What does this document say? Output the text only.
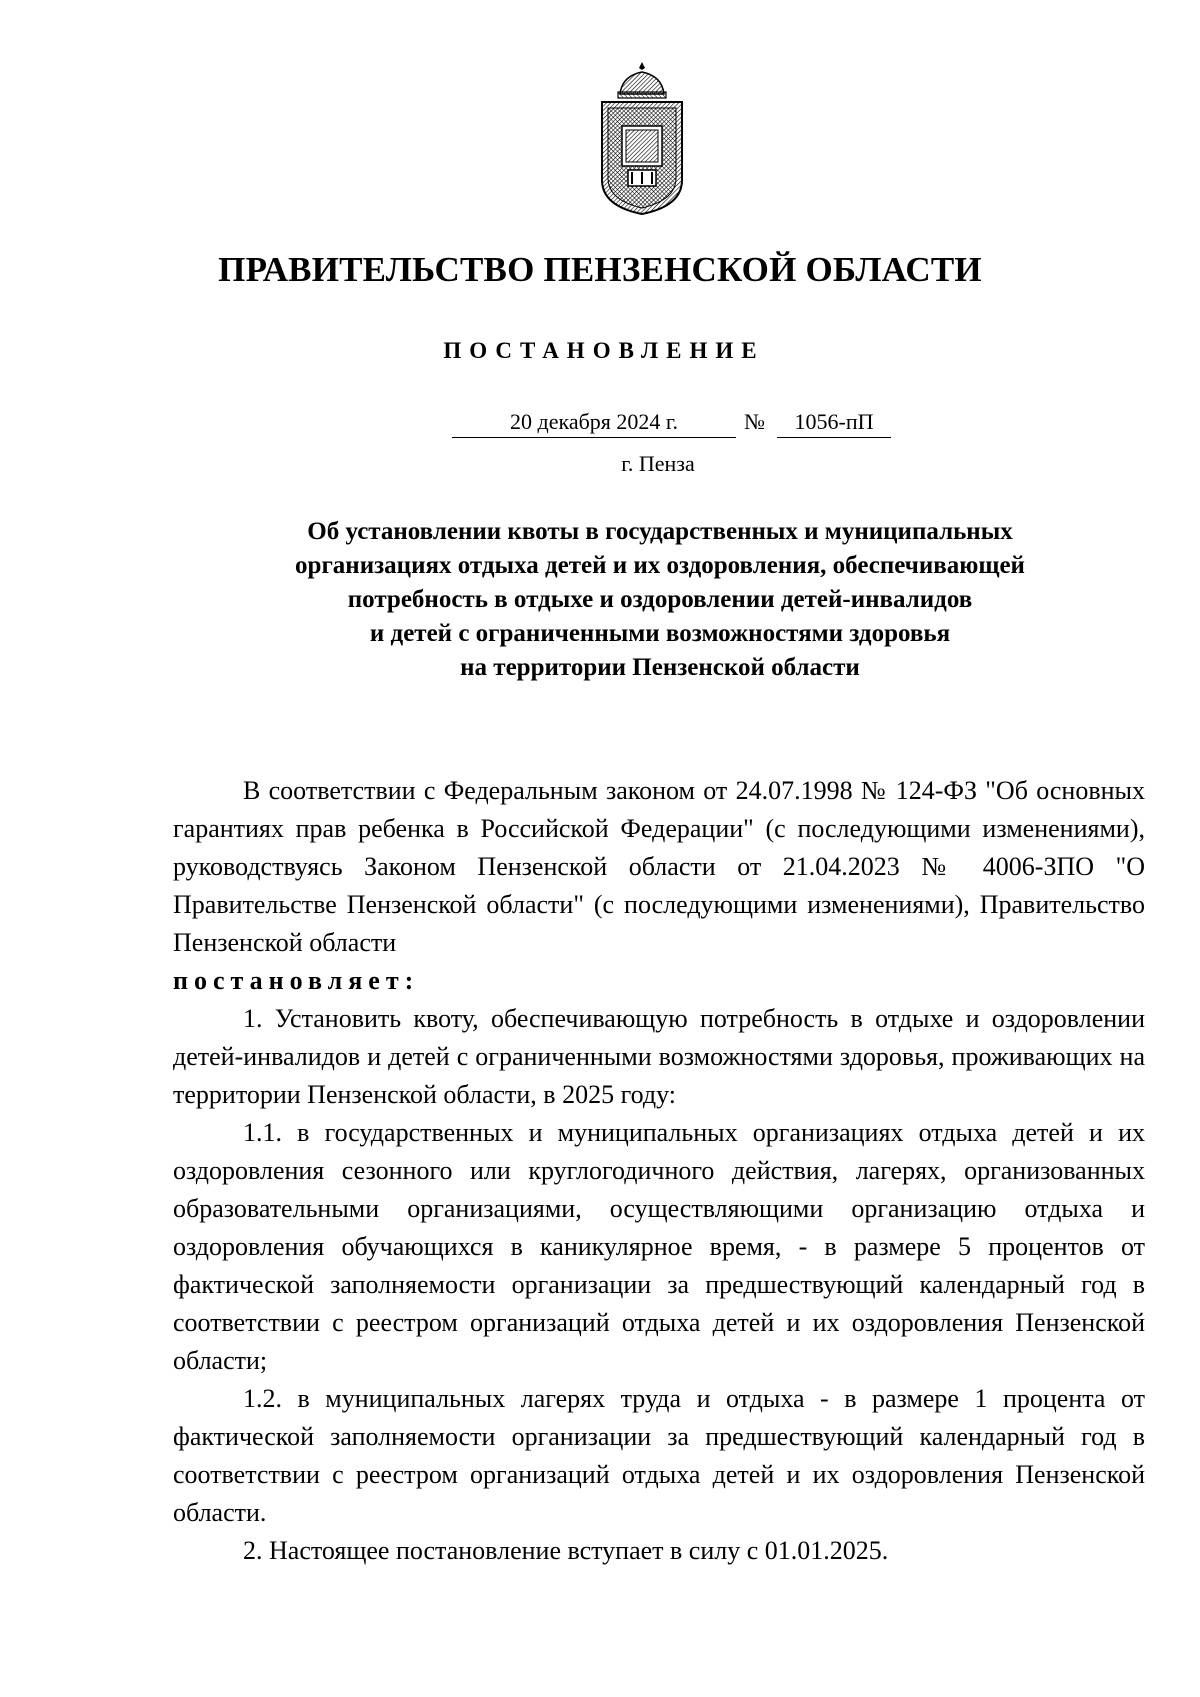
ПРАВИТЕЛЬСТВО ПЕНЗЕНСКОЙ ОБЛАСТИ
ПОСТАНОВЛЕНИЕ
20 декабря 2024 г.	№	1056-пП
г. Пенза
Об установлении квоты в государственных и муниципальных
организациях отдыха детей и их оздоровления, обеспечивающей
потребность в отдыхе и оздоровлении детей-инвалидов
и детей с ограниченными возможностями здоровья
на территории Пензенской области

В соответствии с Федеральным законом от 24.07.1998 № 124-ФЗ "Об основных гарантиях прав ребенка в Российской Федерации" (с последующими изменениями), руководствуясь Законом Пензенской области от 21.04.2023 № 4006-ЗПО "О Правительстве Пензенской области" (с последующими изменениями), Правительство Пензенской области

постановляет:

1. Установить квоту, обеспечивающую потребность в отдыхе и оздоровлении детей-инвалидов и детей с ограниченными возможностями здоровья, проживающих на территории Пензенской области, в 2025 году:

1.1. в государственных и муниципальных организациях отдыха детей и их оздоровления сезонного или круглогодичного действия, лагерях, организованных образовательными организациями, осуществляющими организацию отдыха и оздоровления обучающихся в каникулярное время, - в размере 5 процентов от фактической заполняемости организации за предшествующий календарный год в соответствии с реестром организаций отдыха детей и их оздоровления Пензенской области;

1.2. в муниципальных лагерях труда и отдыха - в размере 1 процента от фактической заполняемости организации за предшествующий календарный год в соответствии с реестром организаций отдыха детей и их оздоровления Пензенской области.

2. Настоящее постановление вступает в силу с 01.01.2025.
